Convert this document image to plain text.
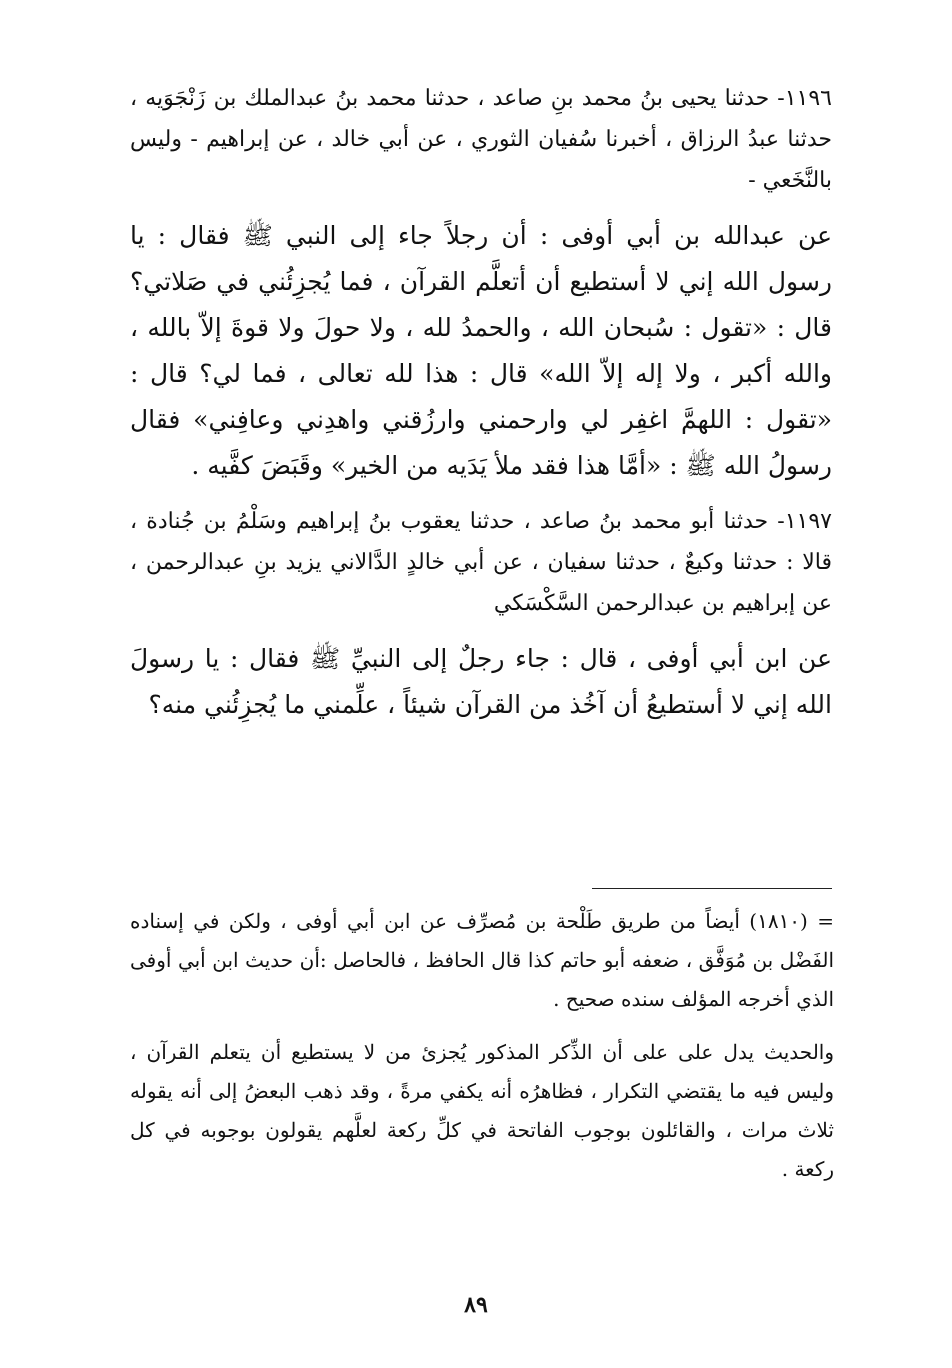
١١٩٦- حدثنا يحيى بنُ محمد بنِ صاعد ، حدثنا محمد بنُ عبدالملك بن زَنْجَوَيه ، حدثنا عبدُ الرزاق ، أخبرنا سُفيان الثوري ، عن أبي خالد ، عن إبراهيم - وليس بالنَّخَعي -

عن عبدالله بن أبي أوفى : أن رجلاً جاء إلى النبي ﷺ فقال : يا رسول الله إني لا أستطيع أن أتعلَّم القرآن ، فما يُجزِئُني في صَلاتي؟ قال : «تقول : سُبحان الله ، والحمدُ لله ، ولا حولَ ولا قوةَ إلاّ بالله ، والله أكبر ، ولا إله إلاّ الله» قال : هذا لله تعالى ، فما لي؟ قال : «تقول : اللهمَّ اغفِر لي وارحمني وارزُقني واهدِني وعافِني» فقال رسولُ الله ﷺ : «أمَّا هذا فقد ملأ يَدَيه من الخير» وقَبَضَ كفَّيه .

١١٩٧- حدثنا أبو محمد بنُ صاعد ، حدثنا يعقوب بنُ إبراهيم وسَلْمُ بن جُنادة ، قالا : حدثنا وكيعٌ ، حدثنا سفيان ، عن أبي خالدٍ الدَّالاني يزيد بنِ عبدالرحمن ، عن إبراهيم بن عبدالرحمن السَّكْسَكي

عن ابن أبي أوفى ، قال : جاء رجلٌ إلى النبيِّ ﷺ فقال : يا رسولَ الله إني لا أستطيعُ أن آخُذ من القرآن شيئاً ، علِّمني ما يُجزِئُني منه؟

= (١٨١٠) أيضاً من طريق طَلْحة بن مُصرِّف عن ابن أبي أوفى ، ولكن في إسناده الفَضْل بن مُوَفَّق ، ضعفه أبو حاتم كذا قال الحافظ ، فالحاصل :أن حديث ابن أبي أوفى الذي أخرجه المؤلف سنده صحيح .

والحديث يدل على على أن الذِّكر المذكور يُجزئ من لا يستطيع أن يتعلم القرآن ، وليس فيه ما يقتضي التكرار ، فظاهرُه أنه يكفي مرةً ، وقد ذهب البعضُ إلى أنه يقوله ثلاث مرات ، والقائلون بوجوب الفاتحة في كلِّ ركعة لعلَّهم يقولون بوجوبه في كل ركعة .

٨٩
